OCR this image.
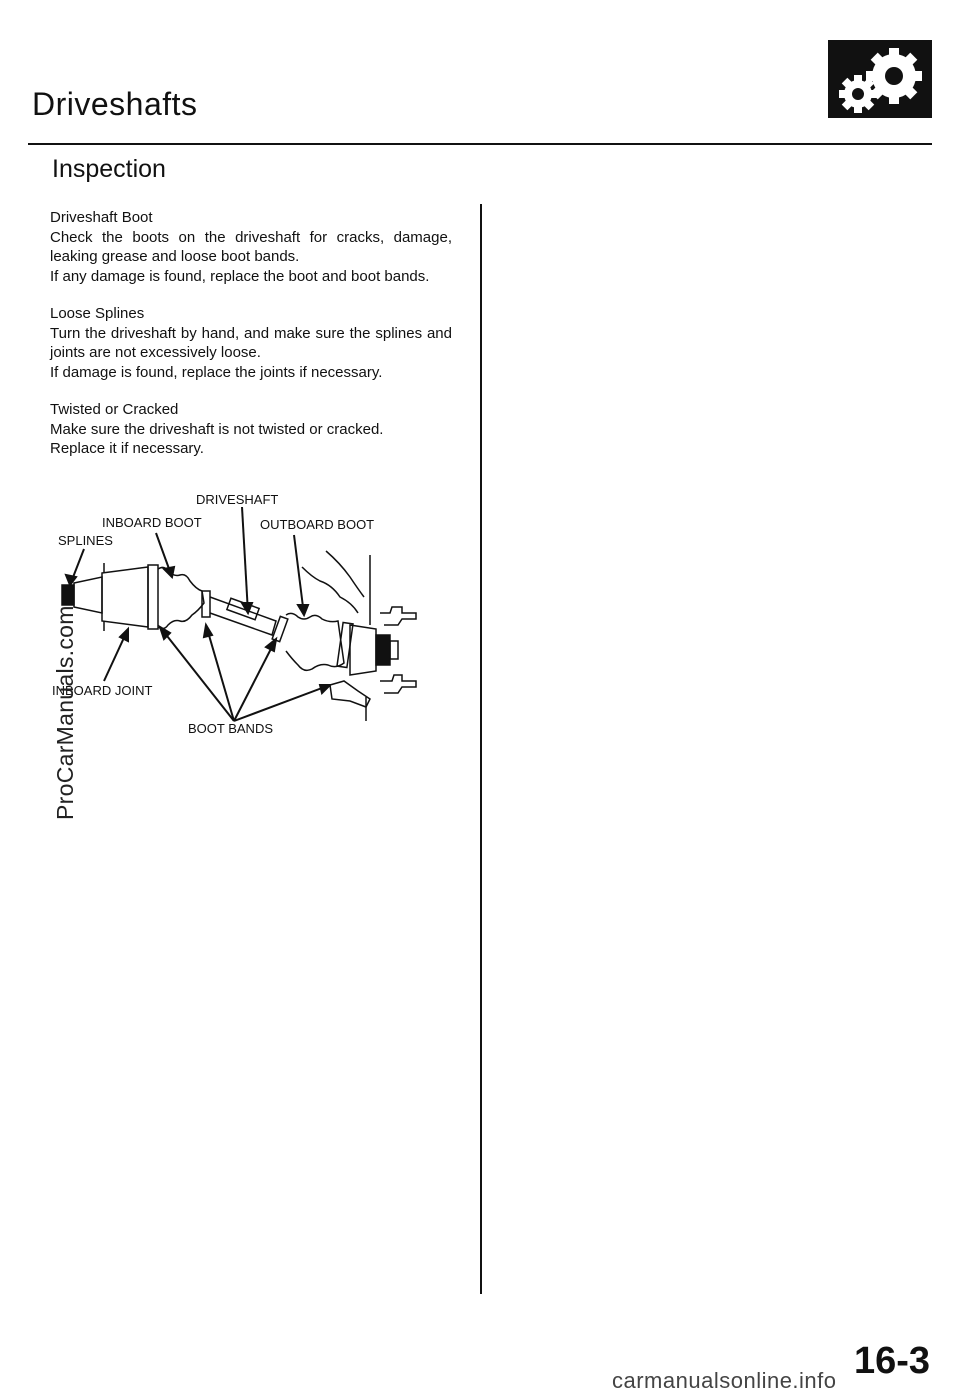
Driveshafts
Inspection

Driveshaft Boot

Check the boots on the driveshaft for cracks, damage, leaking grease and loose boot bands.

If any damage is found, replace the boot and boot bands.

Loose Splines

Turn the driveshaft by hand, and make sure the splines and joints are not excessively loose.

If damage is found, replace the joints if necessary.

Twisted or Cracked

Make sure the driveshaft is not twisted or cracked.

Replace it if necessary.

DRIVESHAFT
INBOARD BOOT	OUTBOARD BOOT
SPLINES
INBOARD JOINT
BOOT BANDS
ProCarManuals.com
16-3
carmanualsonline.info
